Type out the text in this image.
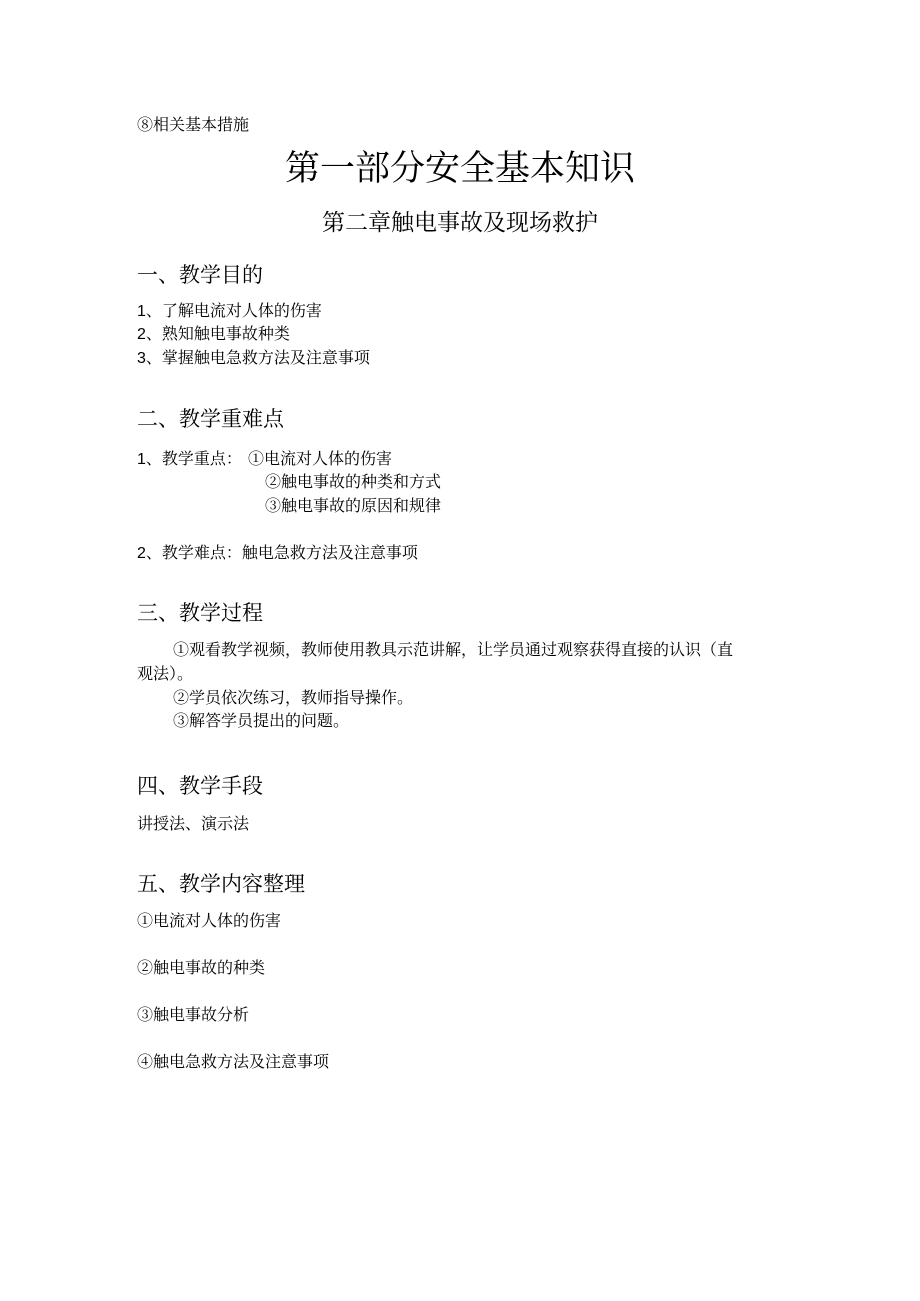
⑧相关基本措施
第一部分安全基本知识
第二章触电事故及现场救护
一、教学目的
1、了解电流对人体的伤害
2、熟知触电事故种类
3、掌握触电急救方法及注意事项
二、教学重难点
1、教学重点： ①电流对人体的伤害
②触电事故的种类和方式
③触电事故的原因和规律
2、教学难点：触电急救方法及注意事项
三、教学过程
①观看教学视频，教师使用教具示范讲解，让学员通过观察获得直接的认识（直
观法）。
②学员依次练习，教师指导操作。
③解答学员提出的问题。
四、教学手段
讲授法、演示法
五、教学内容整理
①电流对人体的伤害
②触电事故的种类
③触电事故分析
④触电急救方法及注意事项
